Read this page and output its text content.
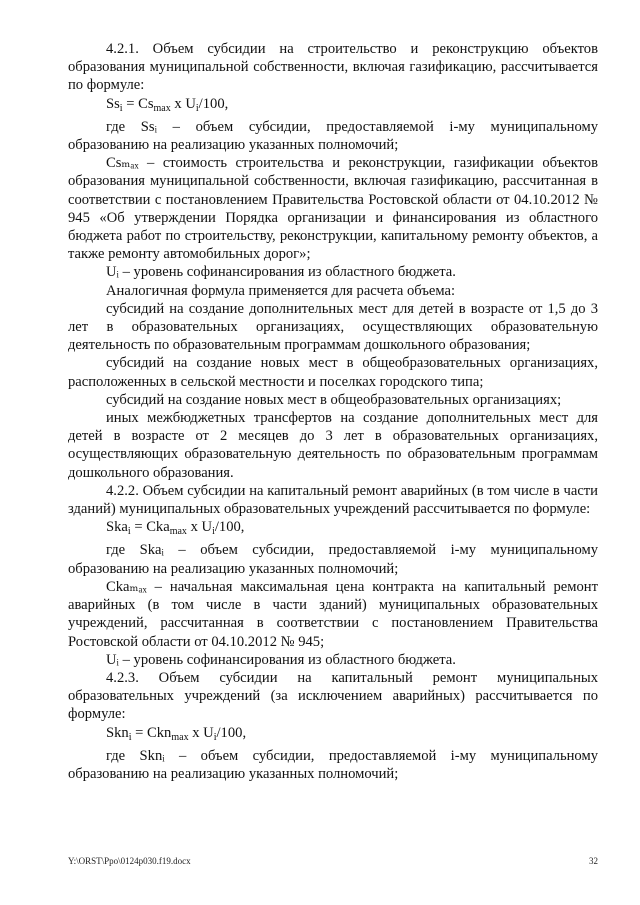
4.2.1. Объем субсидии на строительство и реконструкцию объектов образования муниципальной собственности, включая газификацию, рассчитывается по формуле:

$Ss_i = Cs_{max}$ x $U_i/100$,

где Ssᵢ – объем субсидии, предоставляемой i-му муниципальному образованию на реализацию указанных полномочий;

Csₘₐₓ – стоимость строительства и реконструкции, газификации объектов образования муниципальной собственности, включая газификацию, рассчитанная в соответствии с постановлением Правительства Ростовской области от 04.10.2012 № 945 «Об утверждении Порядка организации и финансирования из областного бюджета работ по строительству, реконструкции, капитальному ремонту объектов, а также ремонту автомобильных дорог»;

Uᵢ – уровень софинансирования из областного бюджета.

Аналогичная формула применяется для расчета объема:

субсидий на создание дополнительных мест для детей в возрасте от 1,5 до 3 лет в образовательных организациях, осуществляющих образовательную деятельность по образовательным программам дошкольного образования;

субсидий на создание новых мест в общеобразовательных организациях, расположенных в сельской местности и поселках городского типа;

субсидий на создание новых мест в общеобразовательных организациях;

иных межбюджетных трансфертов на создание дополнительных мест для детей в возрасте от 2 месяцев до 3 лет в образовательных организациях, осуществляющих образовательную деятельность по образовательным программам дошкольного образования.

4.2.2. Объем субсидии на капитальный ремонт аварийных (в том числе в части зданий) муниципальных образовательных учреждений рассчитывается по формуле:

Ska$_i$ = Cka$_{max}$ x $U_i/100$,

где Skaᵢ – объем субсидии, предоставляемой i-му муниципальному образованию на реализацию указанных полномочий;

Ckaₘₐₓ – начальная максимальная цена контракта на капитальный ремонт аварийных (в том числе в части зданий) муниципальных образовательных учреждений, рассчитанная в соответствии с постановлением Правительства Ростовской области от 04.10.2012 № 945;

Uᵢ – уровень софинансирования из областного бюджета.

4.2.3. Объем субсидии на капитальный ремонт муниципальных образовательных учреждений (за исключением аварийных) рассчитывается по формуле:

Skn$_i$ = Ckn$_{max}$ x $U_i/100$,

где Sknᵢ – объем субсидии, предоставляемой i-му муниципальному образованию на реализацию указанных полномочий;

Y:\ORST\Ppo\0124p030.f19.docx	32
